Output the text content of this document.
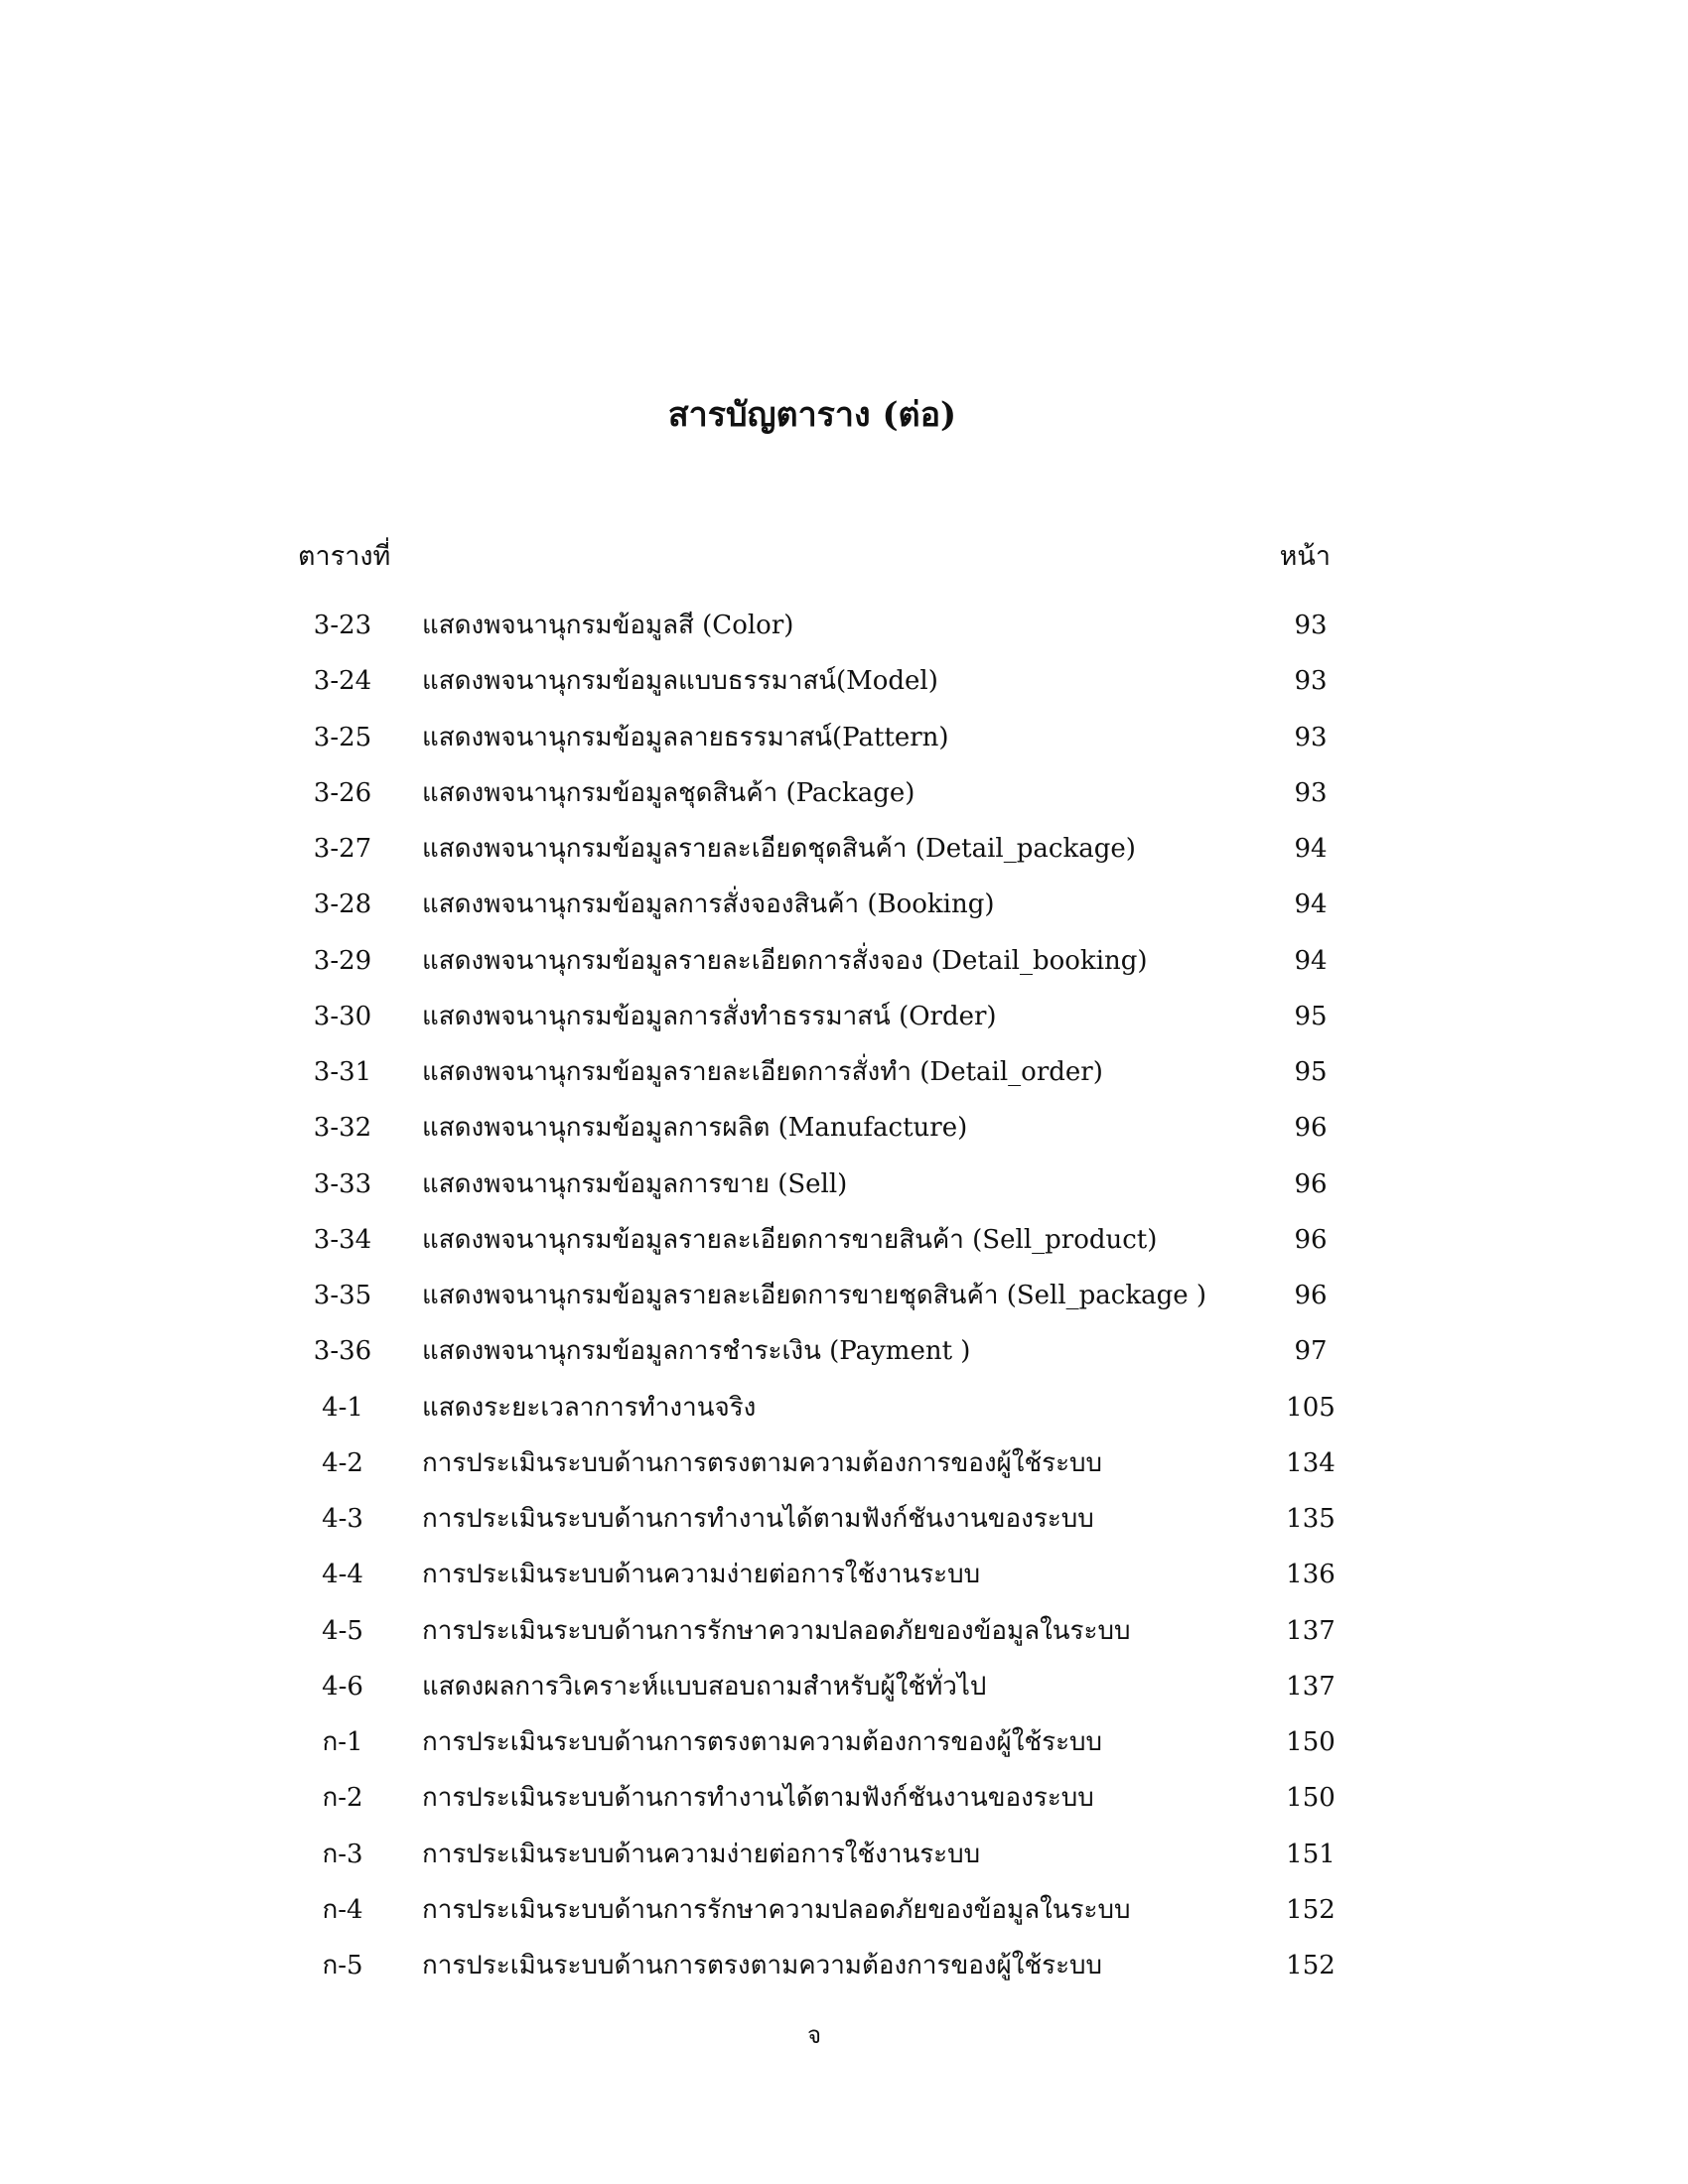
สารบัญตาราง (ต่อ)
ตารางที่	หน้า
3-23	แสดงพจนานุกรมข้อมูลสี (Color)	93
3-24	แสดงพจนานุกรมข้อมูลแบบธรรมาสน์(Model)	93
3-25	แสดงพจนานุกรมข้อมูลลายธรรมาสน์(Pattern)	93
3-26	แสดงพจนานุกรมข้อมูลชุดสินค้า (Package)	93
3-27	แสดงพจนานุกรมข้อมูลรายละเอียดชุดสินค้า (Detail_package)	94
3-28	แสดงพจนานุกรมข้อมูลการสั่งจองสินค้า (Booking)	94
3-29	แสดงพจนานุกรมข้อมูลรายละเอียดการสั่งจอง (Detail_booking)	94
3-30	แสดงพจนานุกรมข้อมูลการสั่งทำธรรมาสน์ (Order)	95
3-31	แสดงพจนานุกรมข้อมูลรายละเอียดการสั่งทำ (Detail_order)	95
3-32	แสดงพจนานุกรมข้อมูลการผลิต (Manufacture)	96
3-33	แสดงพจนานุกรมข้อมูลการขาย (Sell)	96
3-34	แสดงพจนานุกรมข้อมูลรายละเอียดการขายสินค้า (Sell_product)	96
3-35	แสดงพจนานุกรมข้อมูลรายละเอียดการขายชุดสินค้า (Sell_package )	96
3-36	แสดงพจนานุกรมข้อมูลการชำระเงิน (Payment )	97
4-1	แสดงระยะเวลาการทำงานจริง	105
4-2	การประเมินระบบด้านการตรงตามความต้องการของผู้ใช้ระบบ	134
4-3	การประเมินระบบด้านการทำงานได้ตามฟังก์ชันงานของระบบ	135
4-4	การประเมินระบบด้านความง่ายต่อการใช้งานระบบ	136
4-5	การประเมินระบบด้านการรักษาความปลอดภัยของข้อมูลในระบบ	137
4-6	แสดงผลการวิเคราะห์แบบสอบถามสำหรับผู้ใช้ทั่วไป	137
ก-1	การประเมินระบบด้านการตรงตามความต้องการของผู้ใช้ระบบ	150
ก-2	การประเมินระบบด้านการทำงานได้ตามฟังก์ชันงานของระบบ	150
ก-3	การประเมินระบบด้านความง่ายต่อการใช้งานระบบ	151
ก-4	การประเมินระบบด้านการรักษาความปลอดภัยของข้อมูลในระบบ	152
ก-5	การประเมินระบบด้านการตรงตามความต้องการของผู้ใช้ระบบ	152
จ
